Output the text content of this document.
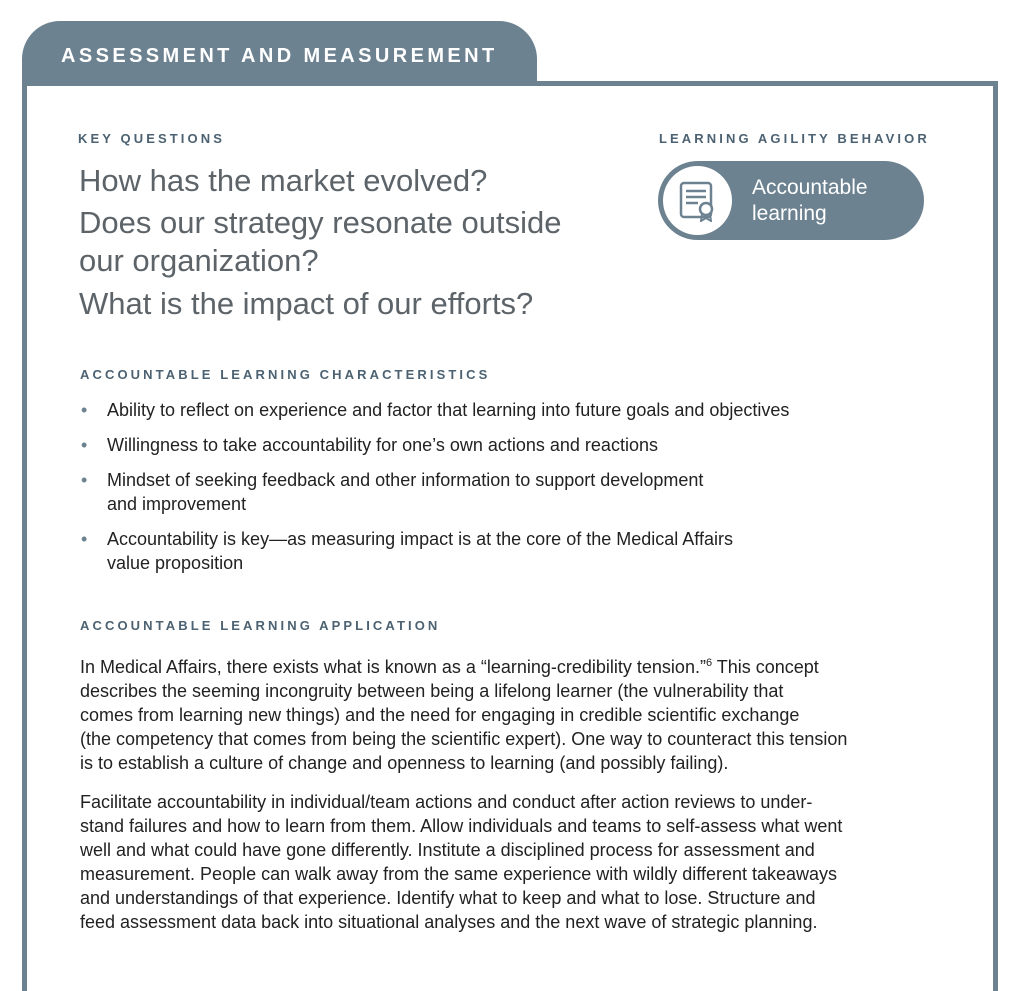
ASSESSMENT AND MEASUREMENT
KEY QUESTIONS
How has the market evolved?
Does our strategy resonate outside
our organization?
What is the impact of our efforts?
LEARNING AGILITY BEHAVIOR
Accountable
learning
ACCOUNTABLE LEARNING CHARACTERISTICS
• Ability to reflect on experience and factor that learning into future goals and objectives
• Willingness to take accountability for one’s own actions and reactions
• Mindset of seeking feedback and other information to support development
and improvement
• Accountability is key—as measuring impact is at the core of the Medical Affairs
value proposition
ACCOUNTABLE LEARNING APPLICATION
In Medical Affairs, there exists what is known as a “learning-credibility tension.”$^6$ This concept
describes the seeming incongruity between being a lifelong learner (the vulnerability that
comes from learning new things) and the need for engaging in credible scientific exchange
(the competency that comes from being the scientific expert). One way to counteract this tension
is to establish a culture of change and openness to learning (and possibly failing).
Facilitate accountability in individual/team actions and conduct after action reviews to under-
stand failures and how to learn from them. Allow individuals and teams to self-assess what went
well and what could have gone differently. Institute a disciplined process for assessment and
measurement. People can walk away from the same experience with wildly different takeaways
and understandings of that experience. Identify what to keep and what to lose. Structure and
feed assessment data back into situational analyses and the next wave of strategic planning.
